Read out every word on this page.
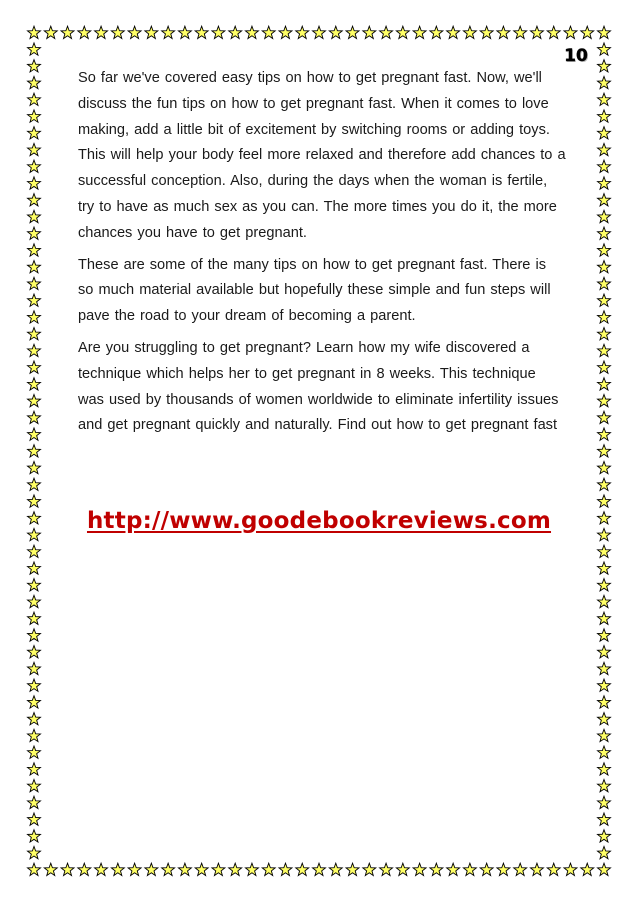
10

So far we've covered easy tips on how to get pregnant fast. Now, we'll discuss the fun tips on how to get pregnant fast. When it comes to love making, add a little bit of excitement by switching rooms or adding toys. This will help your body feel more relaxed and therefore add chances to a successful conception. Also, during the days when the woman is fertile, try to have as much sex as you can. The more times you do it, the more chances you have to get pregnant.

These are some of the many tips on how to get pregnant fast. There is so much material available but hopefully these simple and fun steps will pave the road to your dream of becoming a parent.

Are you struggling to get pregnant? Learn how my wife discovered a technique which helps her to get pregnant in 8 weeks. This technique was used by thousands of women worldwide to eliminate infertility issues and get pregnant quickly and naturally. Find out how to get pregnant fast

http://www.goodebookreviews.com
